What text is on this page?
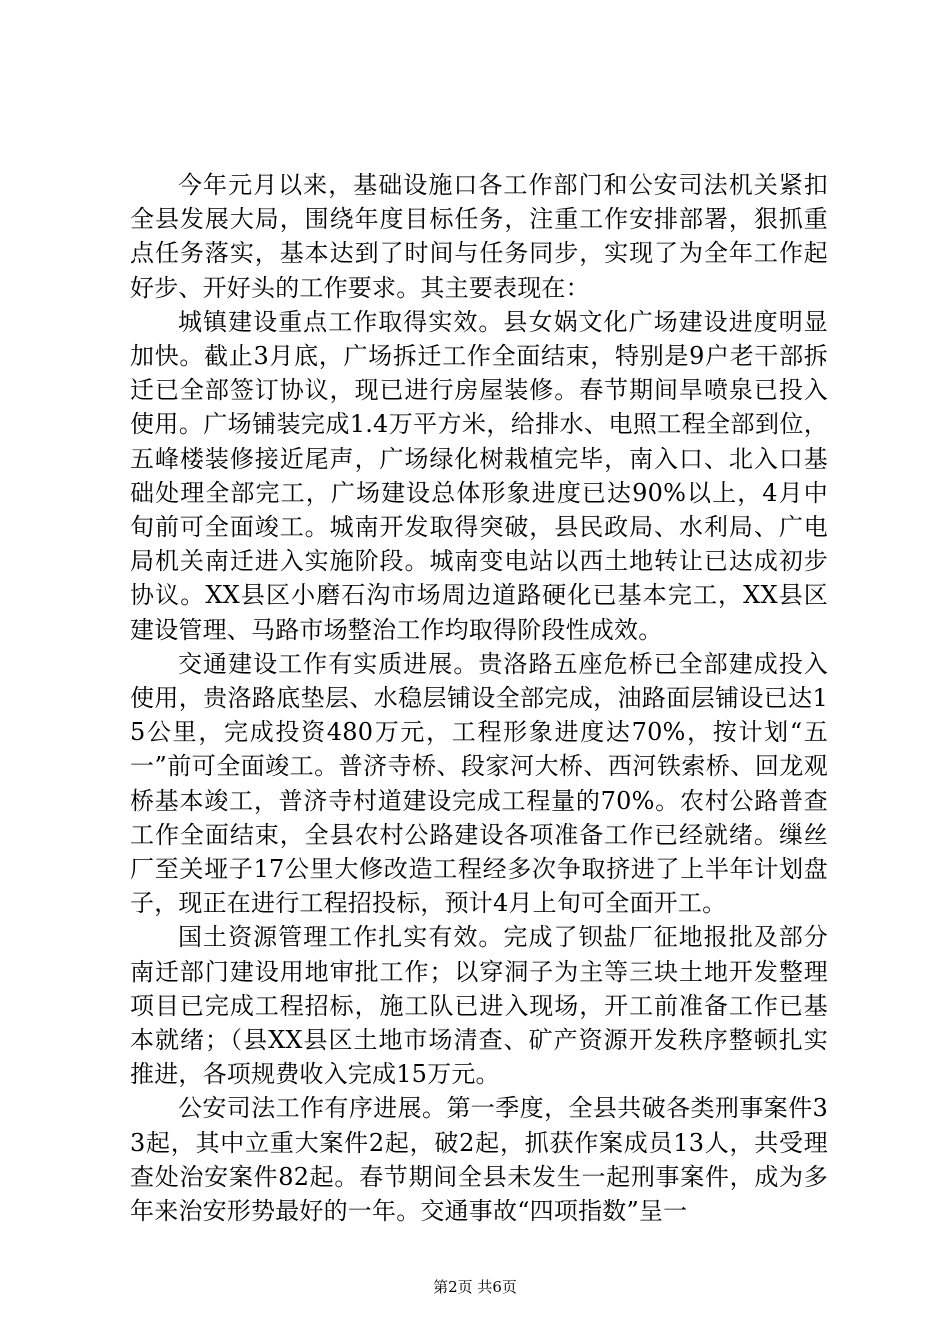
今年元月以来，基础设施口各工作部门和公安司法机关紧扣全县发展大局，围绕年度目标任务，注重工作安排部署，狠抓重点任务落实，基本达到了时间与任务同步，实现了为全年工作起好步、开好头的工作要求。其主要表现在：

城镇建设重点工作取得实效。县女娲文化广场建设进度明显加快。截止3月底，广场拆迁工作全面结束，特别是9户老干部拆迁已全部签订协议，现已进行房屋装修。春节期间旱喷泉已投入使用。广场铺装完成1.4万平方米，给排水、电照工程全部到位，五峰楼装修接近尾声，广场绿化树栽植完毕，南入口、北入口基础处理全部完工，广场建设总体形象进度已达90%以上，4月中旬前可全面竣工。城南开发取得突破，县民政局、水利局、广电局机关南迁进入实施阶段。城南变电站以西土地转让已达成初步协议。XX县区小磨石沟市场周边道路硬化已基本完工，XX县区建设管理、马路市场整治工作均取得阶段性成效。

交通建设工作有实质进展。贵洛路五座危桥已全部建成投入使用，贵洛路底垫层、水稳层铺设全部完成，油路面层铺设已达15公里，完成投资480万元，工程形象进度达70%，按计划“五一”前可全面竣工。普济寺桥、段家河大桥、西河铁索桥、回龙观桥基本竣工，普济寺村道建设完成工程量的70%。农村公路普查工作全面结束，全县农村公路建设各项准备工作已经就绪。缫丝厂至关垭子17公里大修改造工程经多次争取挤进了上半年计划盘子，现正在进行工程招投标，预计4月上旬可全面开工。

国土资源管理工作扎实有效。完成了钡盐厂征地报批及部分南迁部门建设用地审批工作；以穿洞子为主等三块土地开发整理项目已完成工程招标，施工队已进入现场，开工前准备工作已基本就绪；（县XX县区土地市场清查、矿产资源开发秩序整顿扎实推进，各项规费收入完成15万元。

公安司法工作有序进展。第一季度，全县共破各类刑事案件33起，其中立重大案件2起，破2起，抓获作案成员13人，共受理查处治安案件82起。春节期间全县未发生一起刑事案件，成为多年来治安形势最好的一年。交通事故“四项指数”呈一

第2页 共6页
